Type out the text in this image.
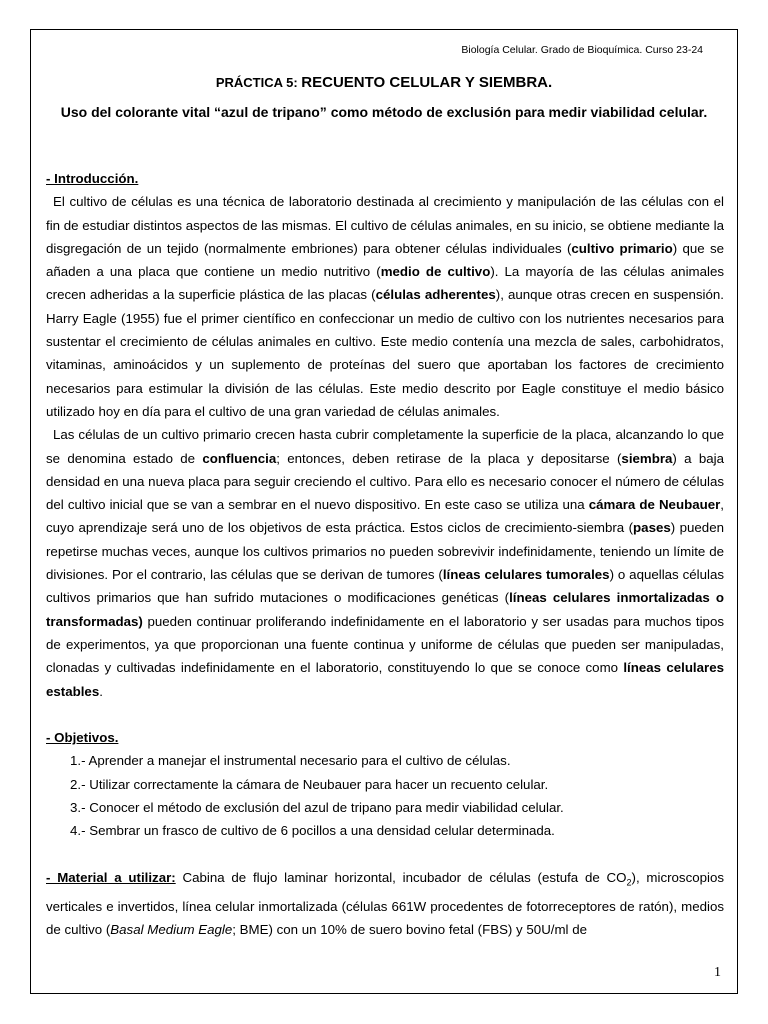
Biología Celular. Grado de Bioquímica. Curso 23-24
PRÁCTICA 5: RECUENTO CELULAR Y SIEMBRA.
Uso del colorante vital “azul de tripano” como método de exclusión para medir viabilidad celular.

- Introducción.

El cultivo de células es una técnica de laboratorio destinada al crecimiento y manipulación de las células con el fin de estudiar distintos aspectos de las mismas. El cultivo de células animales, en su inicio, se obtiene mediante la disgregación de un tejido (normalmente embriones) para obtener células individuales (cultivo primario) que se añaden a una placa que contiene un medio nutritivo (medio de cultivo). La mayoría de las células animales crecen adheridas a la superficie plástica de las placas (células adherentes), aunque otras crecen en suspensión. Harry Eagle (1955) fue el primer científico en confeccionar un medio de cultivo con los nutrientes necesarios para sustentar el crecimiento de células animales en cultivo. Este medio contenía una mezcla de sales, carbohidratos, vitaminas, aminoácidos y un suplemento de proteínas del suero que aportaban los factores de crecimiento necesarios para estimular la división de las células. Este medio descrito por Eagle constituye el medio básico utilizado hoy en día para el cultivo de una gran variedad de células animales.

Las células de un cultivo primario crecen hasta cubrir completamente la superficie de la placa, alcanzando lo que se denomina estado de confluencia; entonces, deben retirase de la placa y depositarse (siembra) a baja densidad en una nueva placa para seguir creciendo el cultivo. Para ello es necesario conocer el número de células del cultivo inicial que se van a sembrar en el nuevo dispositivo. En este caso se utiliza una cámara de Neubauer, cuyo aprendizaje será uno de los objetivos de esta práctica. Estos ciclos de crecimiento-siembra (pases) pueden repetirse muchas veces, aunque los cultivos primarios no pueden sobrevivir indefinidamente, teniendo un límite de divisiones. Por el contrario, las células que se derivan de tumores (líneas celulares tumorales) o aquellas células cultivos primarios que han sufrido mutaciones o modificaciones genéticas (líneas celulares inmortalizadas o transformadas) pueden continuar proliferando indefinidamente en el laboratorio y ser usadas para muchos tipos de experimentos, ya que proporcionan una fuente continua y uniforme de células que pueden ser manipuladas, clonadas y cultivadas indefinidamente en el laboratorio, constituyendo lo que se conoce como líneas celulares estables.

- Objetivos.

1.- Aprender a manejar el instrumental necesario para el cultivo de células.
2.- Utilizar correctamente la cámara de Neubauer para hacer un recuento celular.
3.- Conocer el método de exclusión del azul de tripano para medir viabilidad celular.
4.- Sembrar un frasco de cultivo de 6 pocillos a una densidad celular determinada.

- Material a utilizar: Cabina de flujo laminar horizontal, incubador de células (estufa de $CO_2$), microscopios verticales e invertidos, línea celular inmortalizada (células 661W procedentes de fotorreceptores de ratón), medios de cultivo (Basal Medium Eagle; BME) con un 10% de suero bovino fetal (FBS) y 50U/ml de

1
